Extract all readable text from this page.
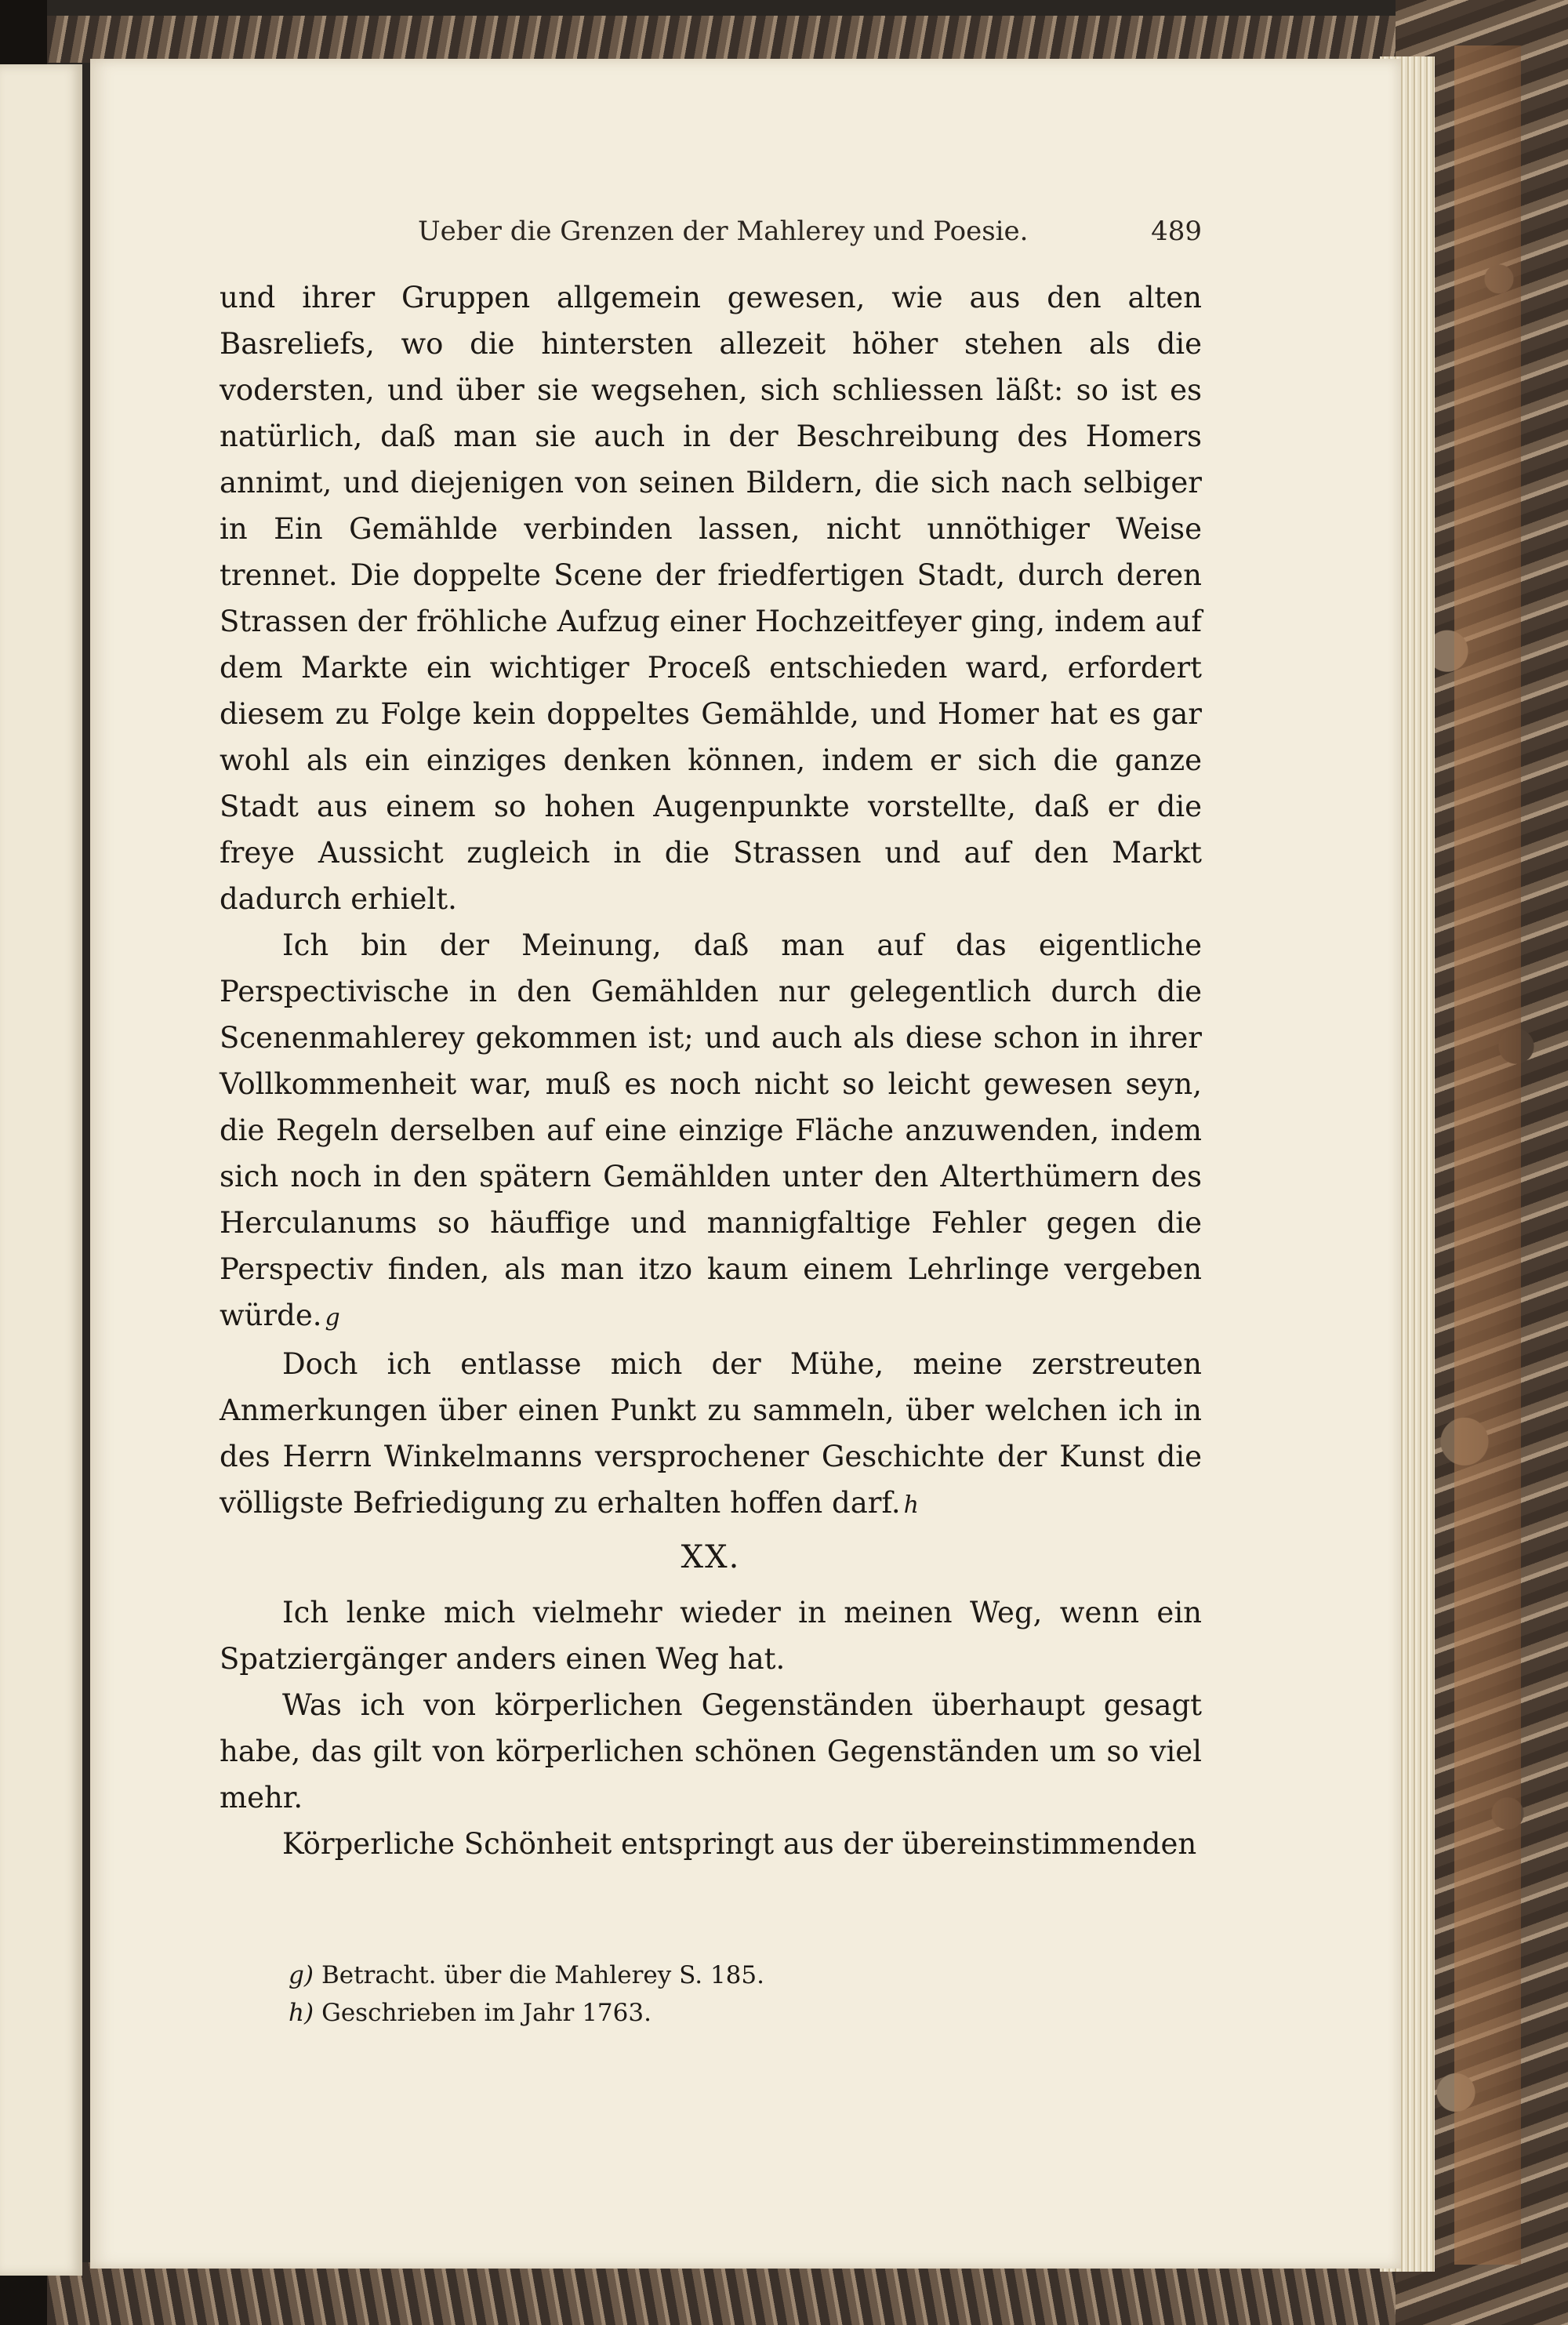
Ueber die Grenzen der Mahlerey und Poesie.	489

und ihrer Gruppen allgemein gewesen, wie aus den alten Basreliefs, wo die hintersten allezeit höher stehen als die vodersten, und über sie wegsehen, sich schliessen läßt: so ist es natürlich, daß man sie auch in der Beschreibung des Homers annimt, und diejenigen von seinen Bildern, die sich nach selbiger in Ein Gemählde verbinden lassen, nicht unnöthiger Weise trennet. Die doppelte Scene der friedfertigen Stadt, durch deren Strassen der fröhliche Aufzug einer Hochzeitfeyer ging, indem auf dem Markte ein wichtiger Proceß entschieden ward, erfordert diesem zu Folge kein doppeltes Gemählde, und Homer hat es gar wohl als ein einziges denken können, indem er sich die ganze Stadt aus einem so hohen Augenpunkte vorstellte, daß er die freye Aussicht zugleich in die Strassen und auf den Markt dadurch erhielt.

Ich bin der Meinung, daß man auf das eigentliche Perspectivische in den Gemählden nur gelegentlich durch die Scenenmahlerey gekommen ist; und auch als diese schon in ihrer Vollkommenheit war, muß es noch nicht so leicht gewesen seyn, die Regeln derselben auf eine einzige Fläche anzuwenden, indem sich noch in den spätern Gemählden unter den Alterthümern des Herculanums so häuffige und mannigfaltige Fehler gegen die Perspectiv finden, als man itzo kaum einem Lehrlinge vergeben würde. g

Doch ich entlasse mich der Mühe, meine zerstreuten Anmerkungen über einen Punkt zu sammeln, über welchen ich in des Herrn Winkelmanns versprochener Geschichte der Kunst die völligste Befriedigung zu erhalten hoffen darf. h

XX.

Ich lenke mich vielmehr wieder in meinen Weg, wenn ein Spatziergänger anders einen Weg hat.

Was ich von körperlichen Gegenständen überhaupt gesagt habe, das gilt von körperlichen schönen Gegenständen um so viel mehr.

Körperliche Schönheit entspringt aus der übereinstimmenden

g) Betracht. über die Mahlerey S. 185.
h) Geschrieben im Jahr 1763.
